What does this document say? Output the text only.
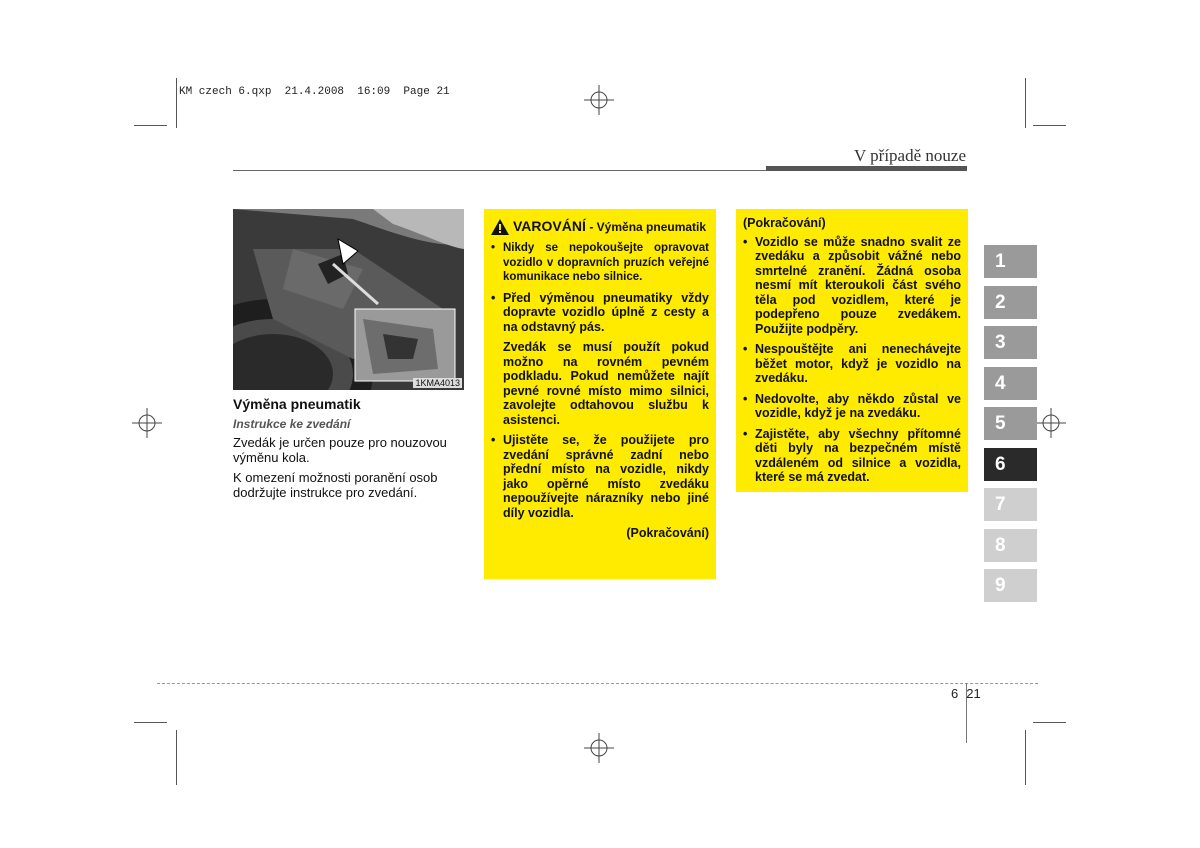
KM czech 6.qxp  21.4.2008  16:09  Page 21
V případě nouze
1KMA4013
Výměna pneumatik
Instrukce ke zvedání
Zvedák je určen pouze pro nouzovou výměnu kola.
K omezení možnosti poranění osob dodržujte instrukce pro zvedání.
VAROVÁNÍ - Výměna pneumatik
• Nikdy se nepokoušejte opravovat vozidlo v dopravních pruzích veřejné komunikace nebo silnice.
• Před výměnou pneumatiky vždy dopravte vozidlo úplně z cesty a na odstavný pás.
Zvedák se musí použít pokud možno na rovném pevném podkladu. Pokud nemůžete najít pevné rovné místo mimo silnici, zavolejte odtahovou službu k asistenci.
• Ujistěte se, že použijete pro zvedání správné zadní nebo přední místo na vozidle, nikdy jako opěrné místo zvedáku nepoužívejte nárazníky nebo jiné díly vozidla.
(Pokračování)
(Pokračování)
• Vozidlo se může snadno svalit ze zvedáku a způsobit vážné nebo smrtelné zranění. Žádná osoba nesmí mít kteroukoli část svého těla pod vozidlem, které je podepřeno pouze zvedákem. Použijte podpěry.
• Nespouštějte ani nenechávejte běžet motor, když je vozidlo na zvedáku.
• Nedovolte, aby někdo zůstal ve vozidle, když je na zvedáku.
• Zajistěte, aby všechny přítomné děti byly na bezpečném místě vzdáleném od silnice a vozidla, které se má zvedat.
1
2
3
4
5
6
7
8
9
6 21
